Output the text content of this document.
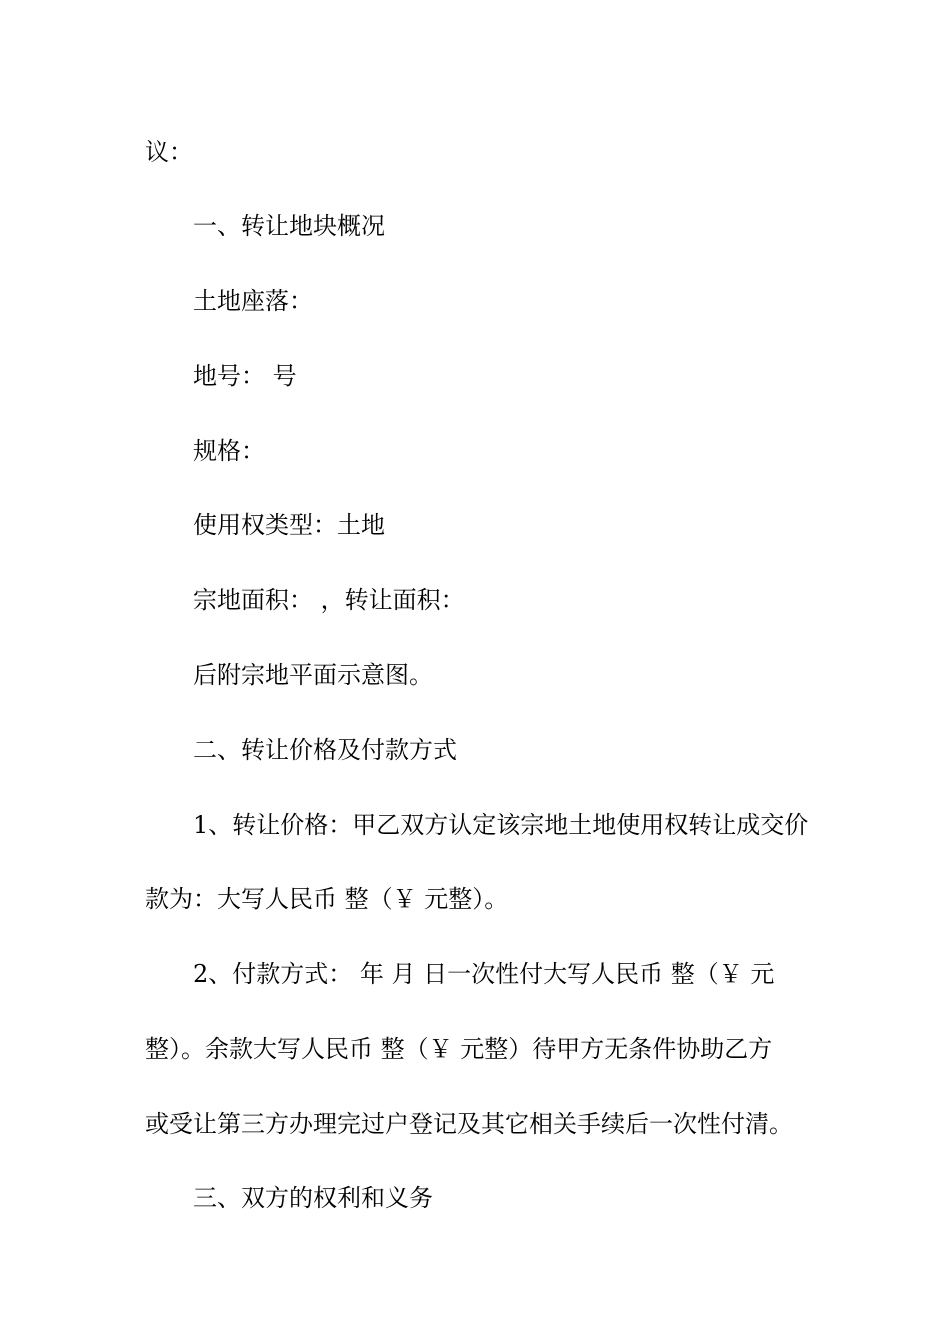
议：
一、转让地块概况
土地座落：
地号： 号
规格：
使用权类型：土地
宗地面积： ，转让面积：
后附宗地平面示意图。
二、转让价格及付款方式
1、转让价格：甲乙双方认定该宗地土地使用权转让成交价
款为：大写人民币 整（￥ 元整）。
2、付款方式： 年 月 日一次性付大写人民币 整（￥ 元
整）。余款大写人民币 整（￥ 元整）待甲方无条件协助乙方
或受让第三方办理完过户登记及其它相关手续后一次性付清。
三、双方的权利和义务
